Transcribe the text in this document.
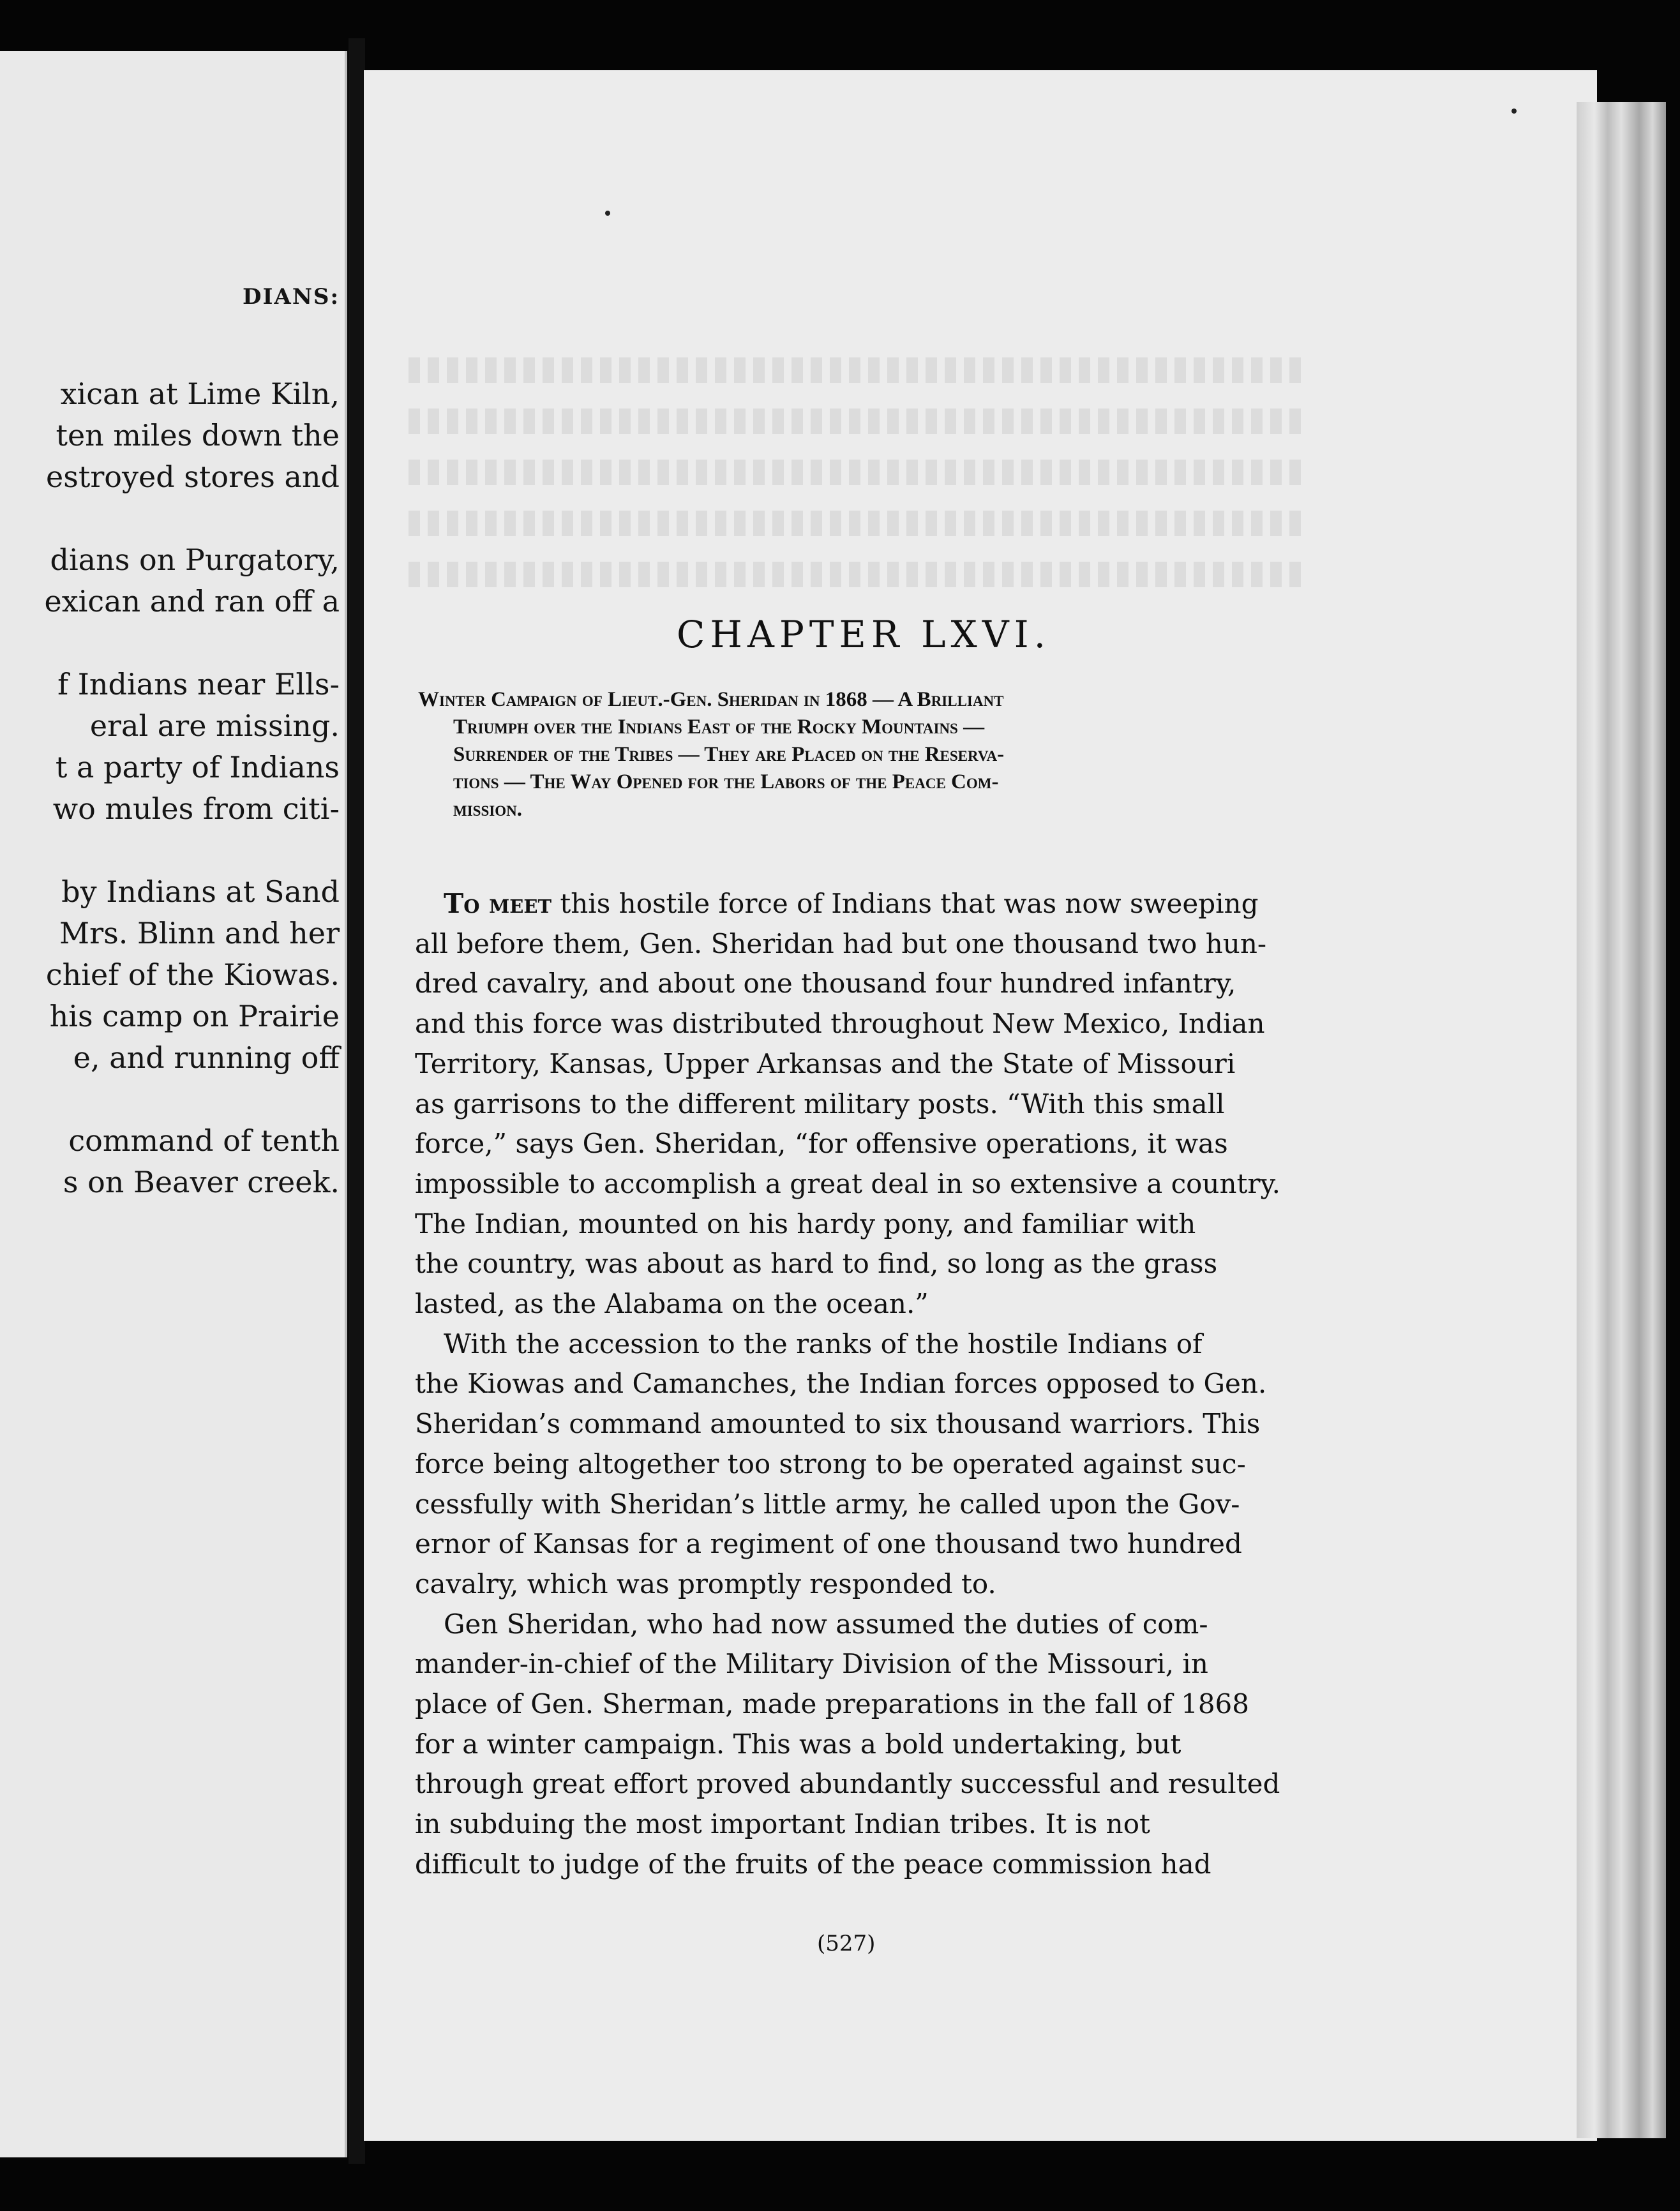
DIANS:
xican at Lime Kiln,
ten miles down the
estroyed stores and
dians on Purgatory,
exican and ran off a
f Indians near Ells-
eral are missing.
t a party of Indians
wo mules from citi-
by Indians at Sand
Mrs. Blinn and her
chief of the Kiowas.
his camp on Prairie
e, and running off
command of tenth
s on Beaver creek.
CHAPTER LXVI.
Winter Campaign of Lieut.-Gen. Sheridan in 1868 — A Brilliant
Triumph over the Indians East of the Rocky Mountains —
Surrender of the Tribes — They are Placed on the Reserva-
tions — The Way Opened for the Labors of the Peace Com-
mission.
To meet this hostile force of Indians that was now sweeping
all before them, Gen. Sheridan had but one thousand two hun-
dred cavalry, and about one thousand four hundred infantry,
and this force was distributed throughout New Mexico, Indian
Territory, Kansas, Upper Arkansas and the State of Missouri
as garrisons to the different military posts. “With this small
force,” says Gen. Sheridan, “for offensive operations, it was
impossible to accomplish a great deal in so extensive a country.
The Indian, mounted on his hardy pony, and familiar with
the country, was about as hard to find, so long as the grass
lasted, as the Alabama on the ocean.”
With the accession to the ranks of the hostile Indians of
the Kiowas and Camanches, the Indian forces opposed to Gen.
Sheridan’s command amounted to six thousand warriors. This
force being altogether too strong to be operated against suc-
cessfully with Sheridan’s little army, he called upon the Gov-
ernor of Kansas for a regiment of one thousand two hundred
cavalry, which was promptly responded to.
Gen Sheridan, who had now assumed the duties of com-
mander-in-chief of the Military Division of the Missouri, in
place of Gen. Sherman, made preparations in the fall of 1868
for a winter campaign. This was a bold undertaking, but
through great effort proved abundantly successful and resulted
in subduing the most important Indian tribes. It is not
difficult to judge of the fruits of the peace commission had
(527)
